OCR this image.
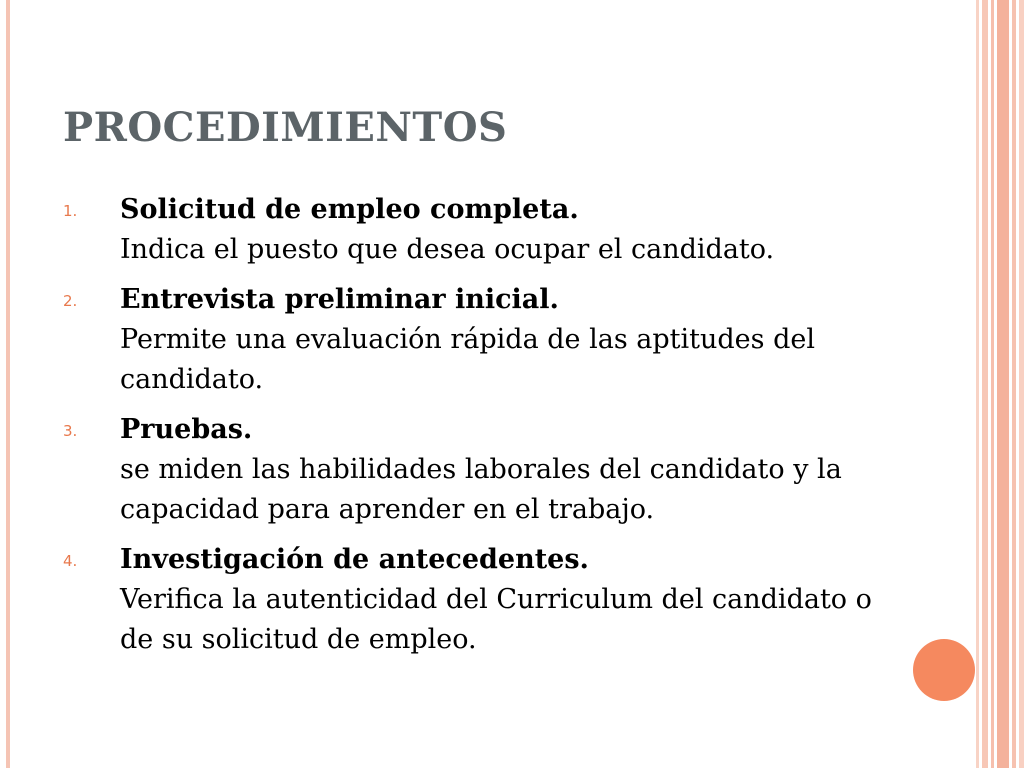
PROCEDIMIENTOS
1.	Solicitud de empleo completa.
Indica el puesto que desea ocupar el candidato.
2.	Entrevista preliminar inicial.
Permite una evaluación rápida de las aptitudes del candidato.
3.	Pruebas.
se miden las habilidades laborales del candidato y la capacidad para aprender en el trabajo.
4.	Investigación de antecedentes.
Verifica la autenticidad del Curriculum del candidato o de su solicitud de empleo.
